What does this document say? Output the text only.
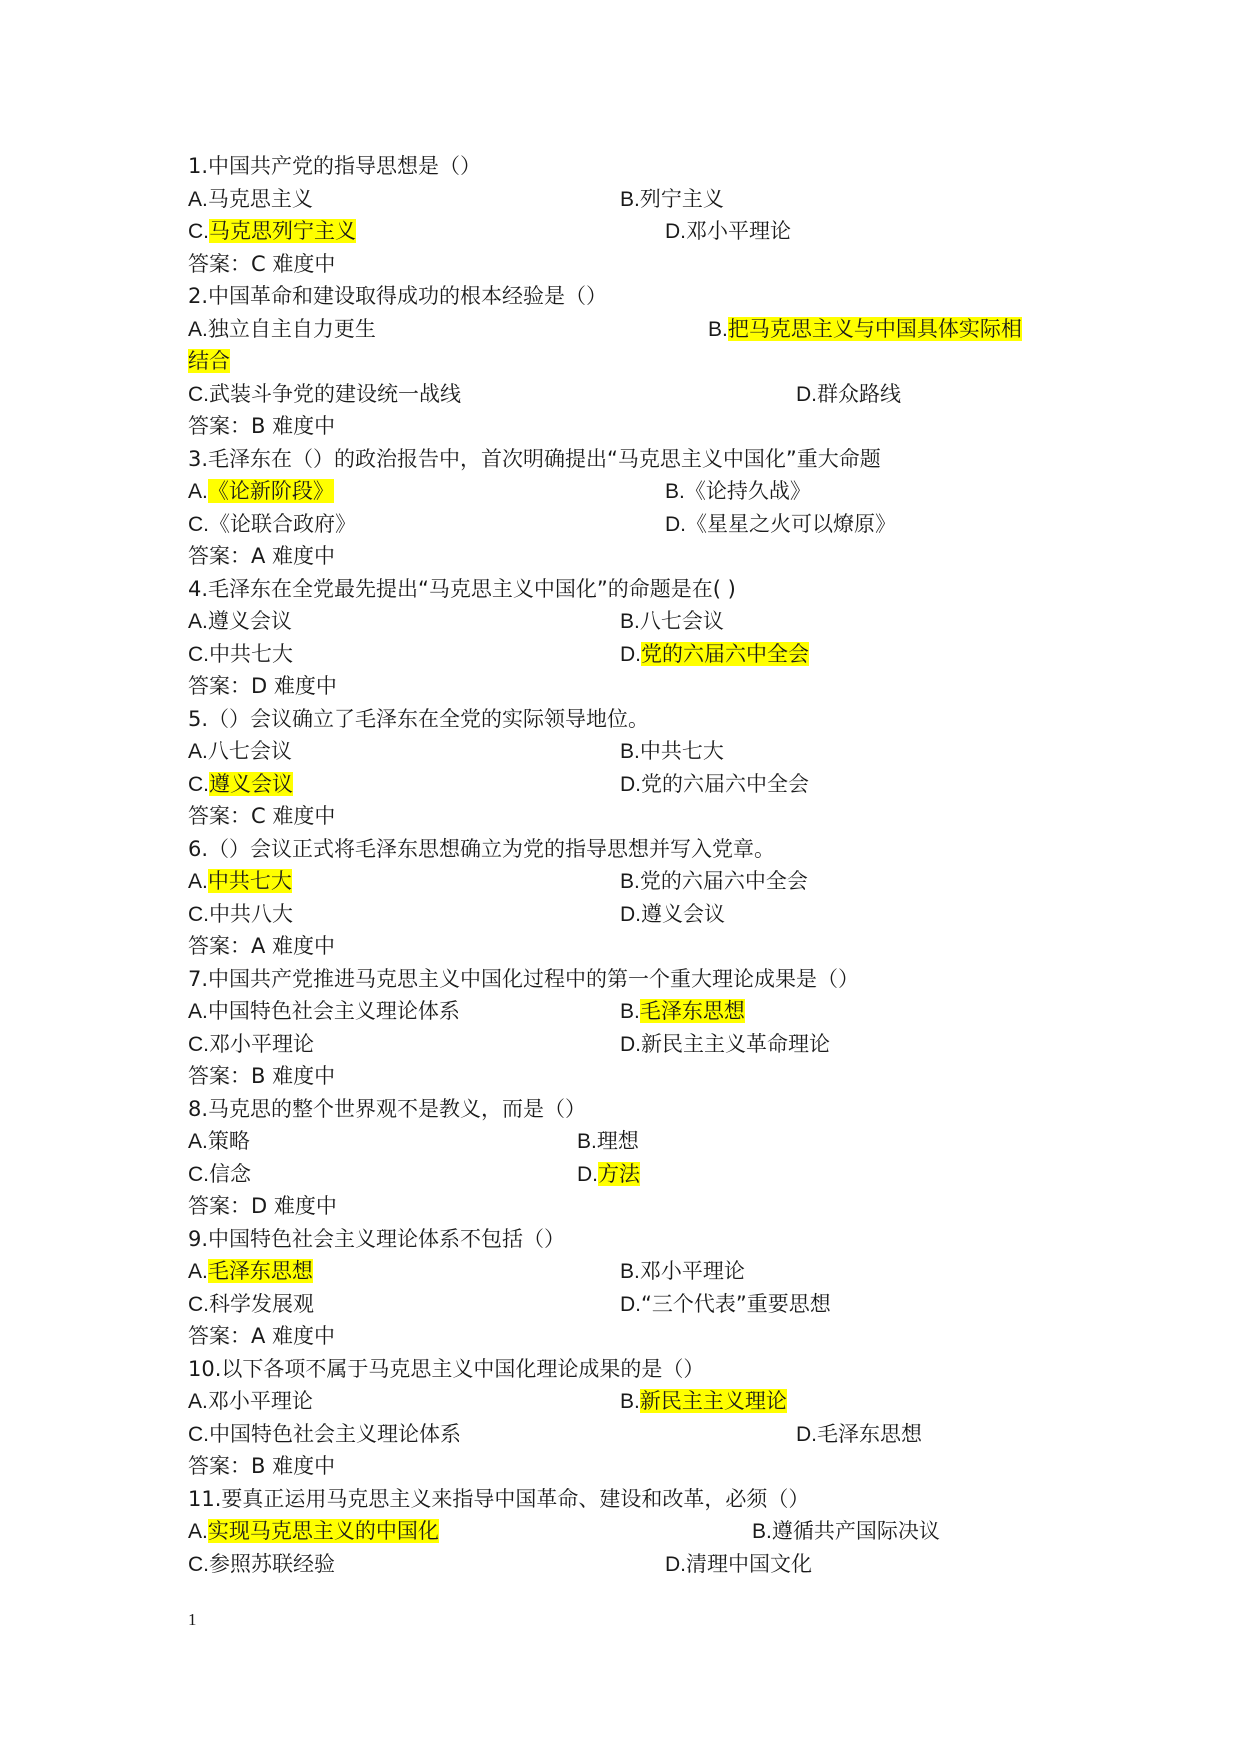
1.中国共产党的指导思想是（）
A.马克思主义	B.列宁主义
C.马克思列宁主义	D.邓小平理论
答案：C 难度中
2.中国革命和建设取得成功的根本经验是（）
A.独立自主自力更生	B.把马克思主义与中国具体实际相
结合
C.武装斗争党的建设统一战线	D.群众路线
答案：B 难度中
3.毛泽东在（）的政治报告中，首次明确提出“马克思主义中国化”重大命题
A.《论新阶段》	B.《论持久战》
C.《论联合政府》	D.《星星之火可以燎原》
答案：A 难度中
4.毛泽东在全党最先提出“马克思主义中国化”的命题是在( )
A.遵义会议	B.八七会议
C.中共七大	D.党的六届六中全会
答案：D 难度中
5.（）会议确立了毛泽东在全党的实际领导地位。
A.八七会议	B.中共七大
C.遵义会议	D.党的六届六中全会
答案：C 难度中
6.（）会议正式将毛泽东思想确立为党的指导思想并写入党章。
A.中共七大	B.党的六届六中全会
C.中共八大	D.遵义会议
答案：A 难度中
7.中国共产党推进马克思主义中国化过程中的第一个重大理论成果是（）
A.中国特色社会主义理论体系	B.毛泽东思想
C.邓小平理论	D.新民主主义革命理论
答案：B 难度中
8.马克思的整个世界观不是教义，而是（）
A.策略	B.理想
C.信念	D.方法
答案：D 难度中
9.中国特色社会主义理论体系不包括（）
A.毛泽东思想	B.邓小平理论
C.科学发展观	D.“三个代表”重要思想
答案：A 难度中
10.以下各项不属于马克思主义中国化理论成果的是（）
A.邓小平理论	B.新民主主义理论
C.中国特色社会主义理论体系	D.毛泽东思想
答案：B 难度中
11.要真正运用马克思主义来指导中国革命、建设和改革，必须（）
A.实现马克思主义的中国化	B.遵循共产国际决议
C.参照苏联经验	D.清理中国文化
1
